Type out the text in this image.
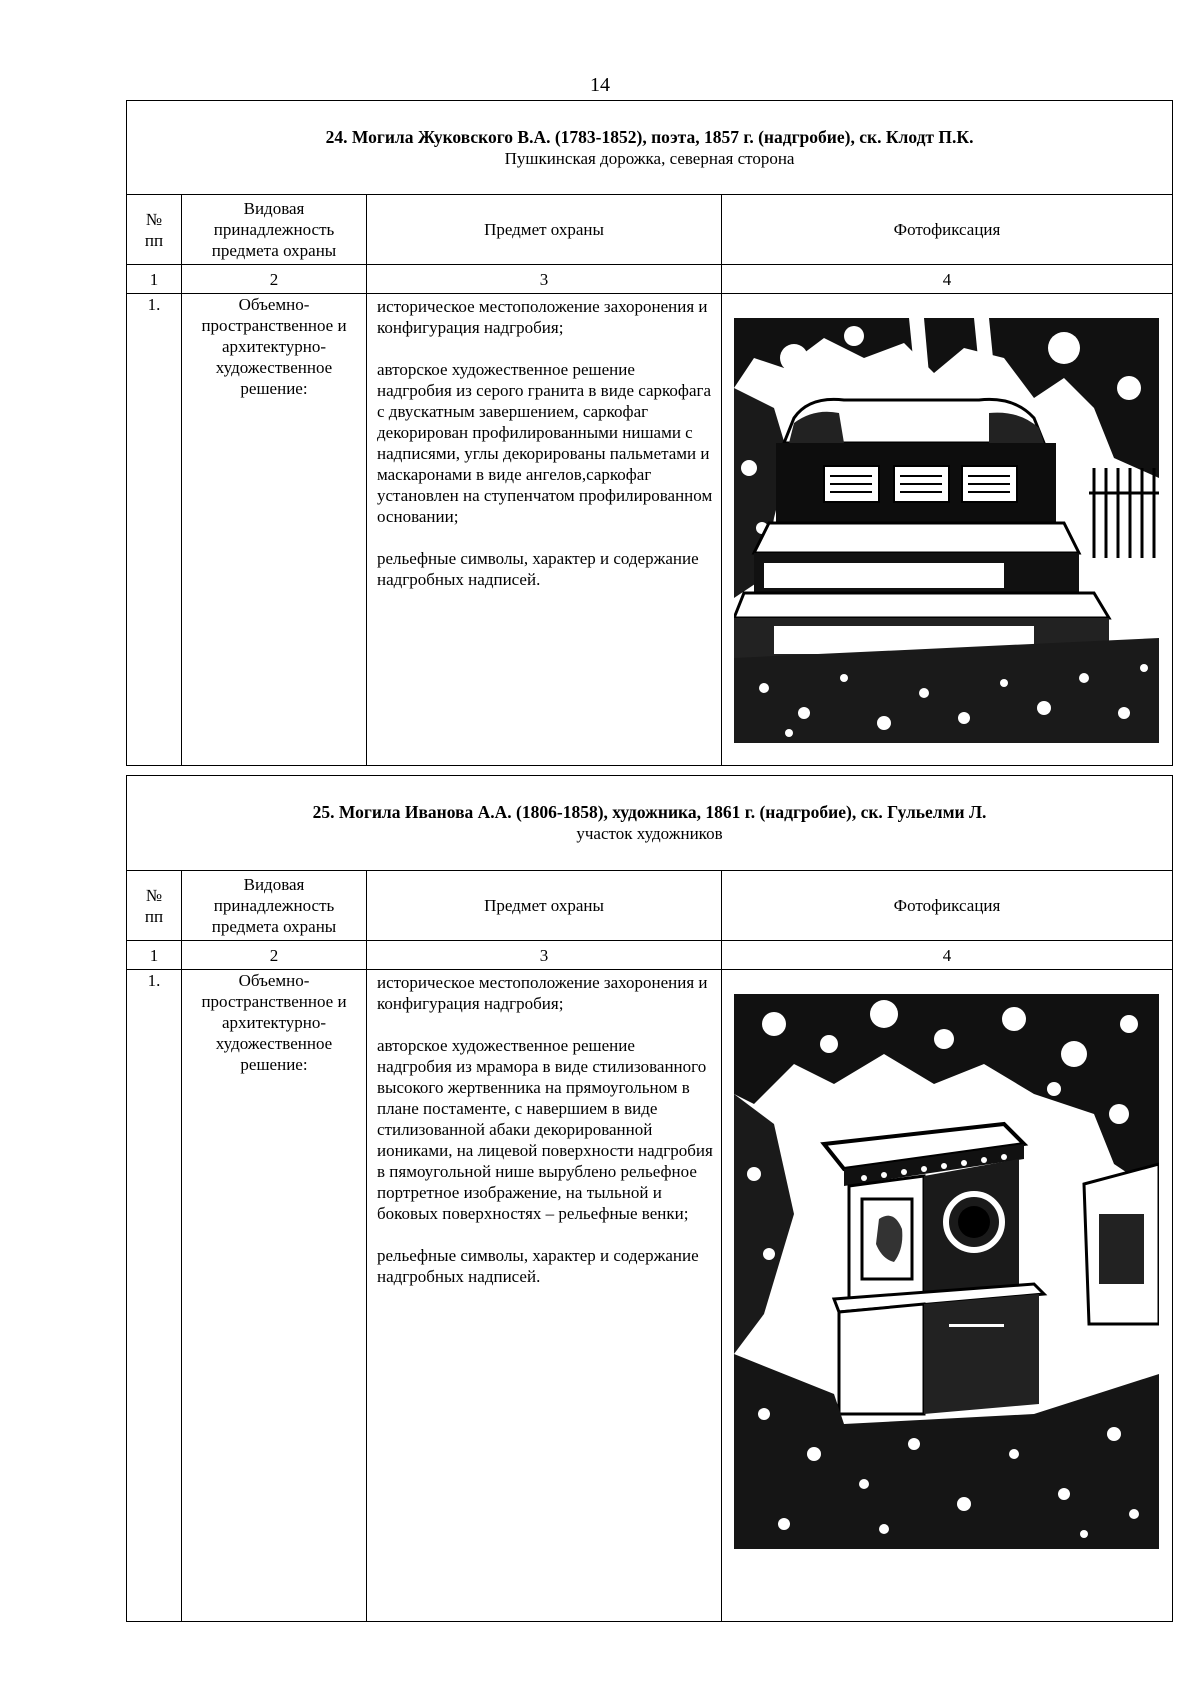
14
24. Могила Жуковского В.А. (1783-1852), поэта, 1857 г. (надгробие), ск. Клодт П.К.
Пушкинская дорожка, северная сторона			

№
пп	Видовая принадлежность предмета охраны	Предмет охраны	Фотофиксация
1	2	3	4
1.	Объемно-пространственное и архитектурно-художественное решение:	историческое местоположение захоронения и конфигурация надгробия;

авторское художественное решение надгробия из серого гранита в виде саркофага с двускатным завершением, саркофаг декорирован профилированными нишами с надписями, углы декорированы пальметами и маскаронами в виде ангелов,саркофаг установлен на ступенчатом профилированном основании;

рельефные символы, характер и содержание надгробных надписей.

25. Могила Иванова А.А. (1806-1858), художника, 1861 г. (надгробие), ск. Гульелми Л.
участок художников			

№
пп	Видовая принадлежность предмета охраны	Предмет охраны	Фотофиксация
1	2	3	4
1.	Объемно-пространственное и архитектурно-художественное решение:	историческое местоположение захоронения и конфигурация надгробия;

авторское художественное решение надгробия из мрамора в виде стилизованного высокого жертвенника на прямоугольном в плане постаменте, с навершием в виде стилизованной абаки декорированной иониками, на лицевой поверхности надгробия в пямоугольной нише вырублено рельефное портретное изображение, на тыльной и боковых поверхностях – рельефные венки;

рельефные символы, характер и содержание надгробных надписей.
